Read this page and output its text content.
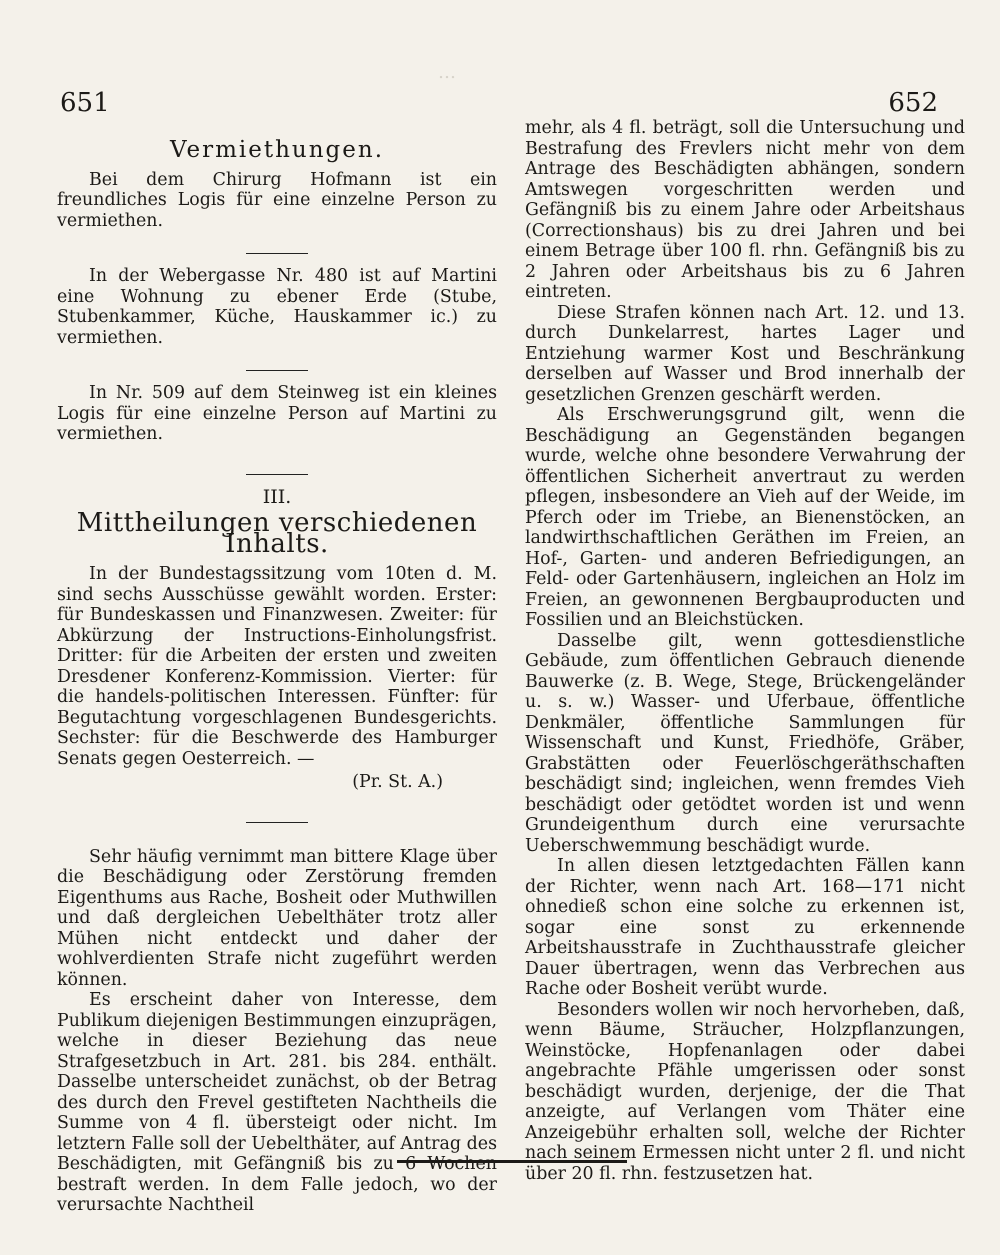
…
651	652
Vermiethungen.

Bei dem Chirurg Hofmann ist ein freundliches Logis für eine einzelne Person zu vermiethen.

In der Webergasse Nr. 480 ist auf Martini eine Wohnung zu ebener Erde (Stube, Stubenkammer, Küche, Hauskammer ic.) zu vermiethen.

In Nr. 509 auf dem Steinweg ist ein kleines Logis für eine einzelne Person auf Martini zu vermiethen.

III.
Mittheilungen verschiedenen Inhalts.

In der Bundestagssitzung vom 10ten d. M. sind sechs Ausschüsse gewählt worden. Erster: für Bundeskassen und Finanzwesen. Zweiter: für Abkürzung der Instructions-Einholungsfrist. Dritter: für die Arbeiten der ersten und zweiten Dresdener Konferenz-Kommission. Vierter: für die handels-politischen Interessen. Fünfter: für Begutachtung vorgeschlagenen Bundesgerichts. Sechster: für die Beschwerde des Hamburger Senats gegen Oesterreich. —

(Pr. St. A.)

Sehr häufig vernimmt man bittere Klage über die Beschädigung oder Zerstörung fremden Eigenthums aus Rache, Bosheit oder Muthwillen und daß dergleichen Uebelthäter trotz aller Mühen nicht entdeckt und daher der wohlverdienten Strafe nicht zugeführt werden können.

Es erscheint daher von Interesse, dem Publikum diejenigen Bestimmungen einzuprägen, welche in dieser Beziehung das neue Strafgesetzbuch in Art. 281. bis 284. enthält. Dasselbe unterscheidet zunächst, ob der Betrag des durch den Frevel gestifteten Nachtheils die Summe von 4 fl. übersteigt oder nicht. Im letztern Falle soll der Uebelthäter, auf Antrag des Beschädigten, mit Gefängniß bis zu 6 Wochen bestraft werden. In dem Falle jedoch, wo der verursachte Nachtheil

mehr, als 4 fl. beträgt, soll die Untersuchung und Bestrafung des Frevlers nicht mehr von dem Antrage des Beschädigten abhängen, sondern Amtswegen vorgeschritten werden und Gefängniß bis zu einem Jahre oder Arbeitshaus (Correctionshaus) bis zu drei Jahren und bei einem Betrage über 100 fl. rhn. Gefängniß bis zu 2 Jahren oder Arbeitshaus bis zu 6 Jahren eintreten.

Diese Strafen können nach Art. 12. und 13. durch Dunkelarrest, hartes Lager und Entziehung warmer Kost und Beschränkung derselben auf Wasser und Brod innerhalb der gesetzlichen Grenzen geschärft werden.

Als Erschwerungsgrund gilt, wenn die Beschädigung an Gegenständen begangen wurde, welche ohne besondere Verwahrung der öffentlichen Sicherheit anvertraut zu werden pflegen, insbesondere an Vieh auf der Weide, im Pferch oder im Triebe, an Bienenstöcken, an landwirthschaftlichen Geräthen im Freien, an Hof-, Garten- und anderen Befriedigungen, an Feld- oder Gartenhäusern, ingleichen an Holz im Freien, an gewonnenen Bergbauproducten und Fossilien und an Bleichstücken.

Dasselbe gilt, wenn gottesdienstliche Gebäude, zum öffentlichen Gebrauch dienende Bauwerke (z. B. Wege, Stege, Brückengeländer u. s. w.) Wasser- und Uferbaue, öffentliche Denkmäler, öffentliche Sammlungen für Wissenschaft und Kunst, Friedhöfe, Gräber, Grabstätten oder Feuerlöschgeräthschaften beschädigt sind; ingleichen, wenn fremdes Vieh beschädigt oder getödtet worden ist und wenn Grundeigenthum durch eine verursachte Ueberschwemmung beschädigt wurde.

In allen diesen letztgedachten Fällen kann der Richter, wenn nach Art. 168—171 nicht ohnedieß schon eine solche zu erkennen ist, sogar eine sonst zu erkennende Arbeitshausstrafe in Zuchthausstrafe gleicher Dauer übertragen, wenn das Verbrechen aus Rache oder Bosheit verübt wurde.

Besonders wollen wir noch hervorheben, daß, wenn Bäume, Sträucher, Holzpflanzungen, Weinstöcke, Hopfenanlagen oder dabei angebrachte Pfähle umgerissen oder sonst beschädigt wurden, derjenige, der die That anzeigte, auf Verlangen vom Thäter eine Anzeigebühr erhalten soll, welche der Richter nach seinem Ermessen nicht unter 2 fl. und nicht über 20 fl. rhn. festzusetzen hat.
